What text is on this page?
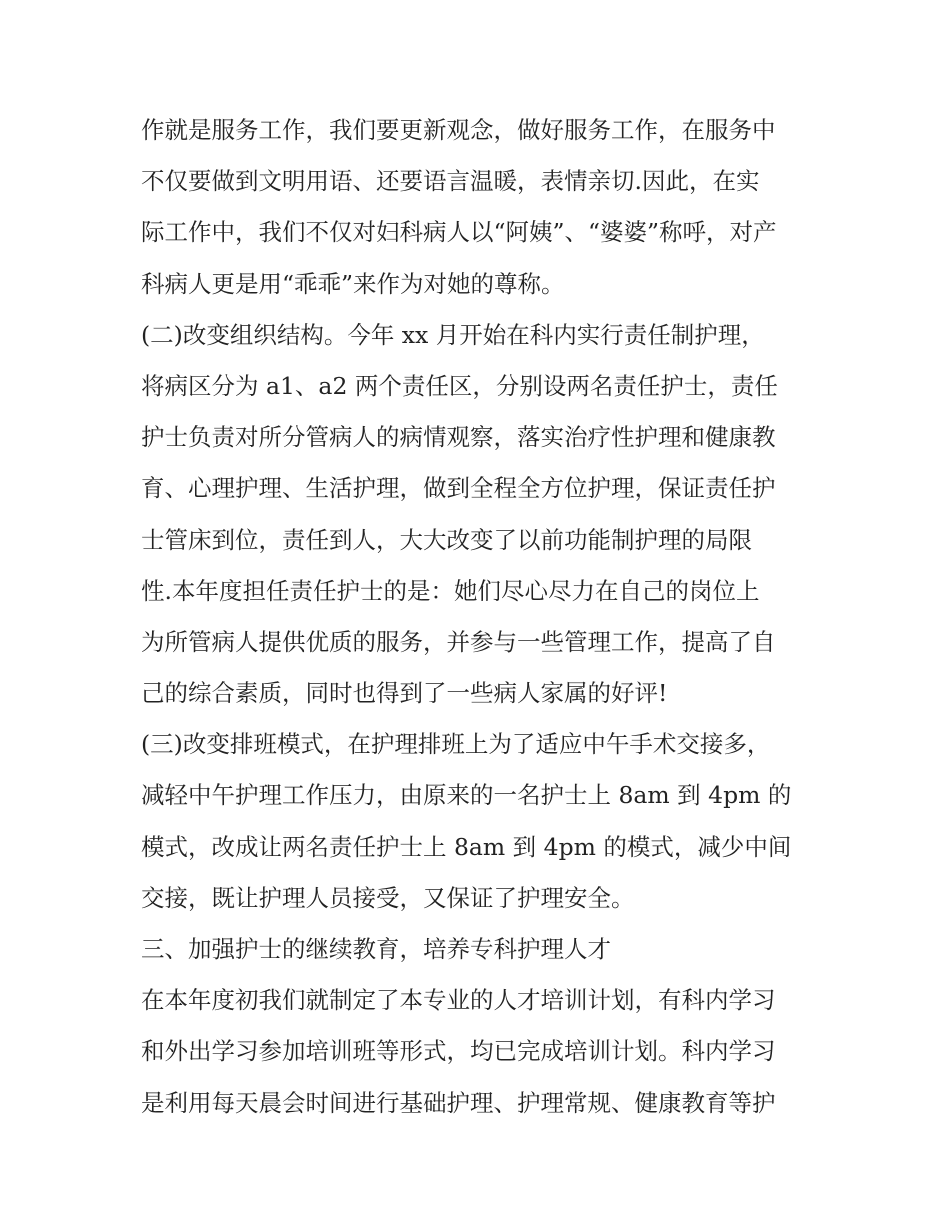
作就是服务工作，我们要更新观念，做好服务工作，在服务中
不仅要做到文明用语、还要语言温暖，表情亲切.因此，在实
际工作中，我们不仅对妇科病人以“阿姨”、“婆婆”称呼，对产
科病人更是用“乖乖”来作为对她的尊称。
(二)改变组织结构。今年 xx 月开始在科内实行责任制护理，
将病区分为 a1、a2 两个责任区，分别设两名责任护士，责任
护士负责对所分管病人的病情观察，落实治疗性护理和健康教
育、心理护理、生活护理，做到全程全方位护理，保证责任护
士管床到位，责任到人，大大改变了以前功能制护理的局限
性.本年度担任责任护士的是：她们尽心尽力在自己的岗位上
为所管病人提供优质的服务，并参与一些管理工作，提高了自
己的综合素质，同时也得到了一些病人家属的好评!
(三)改变排班模式，在护理排班上为了适应中午手术交接多，
减轻中午护理工作压力，由原来的一名护士上 8am 到 4pm 的
模式，改成让两名责任护士上 8am 到 4pm 的模式，减少中间
交接，既让护理人员接受，又保证了护理安全。
三、加强护士的继续教育，培养专科护理人才
在本年度初我们就制定了本专业的人才培训计划，有科内学习
和外出学习参加培训班等形式，均已完成培训计划。科内学习
是利用每天晨会时间进行基础护理、护理常规、健康教育等护
